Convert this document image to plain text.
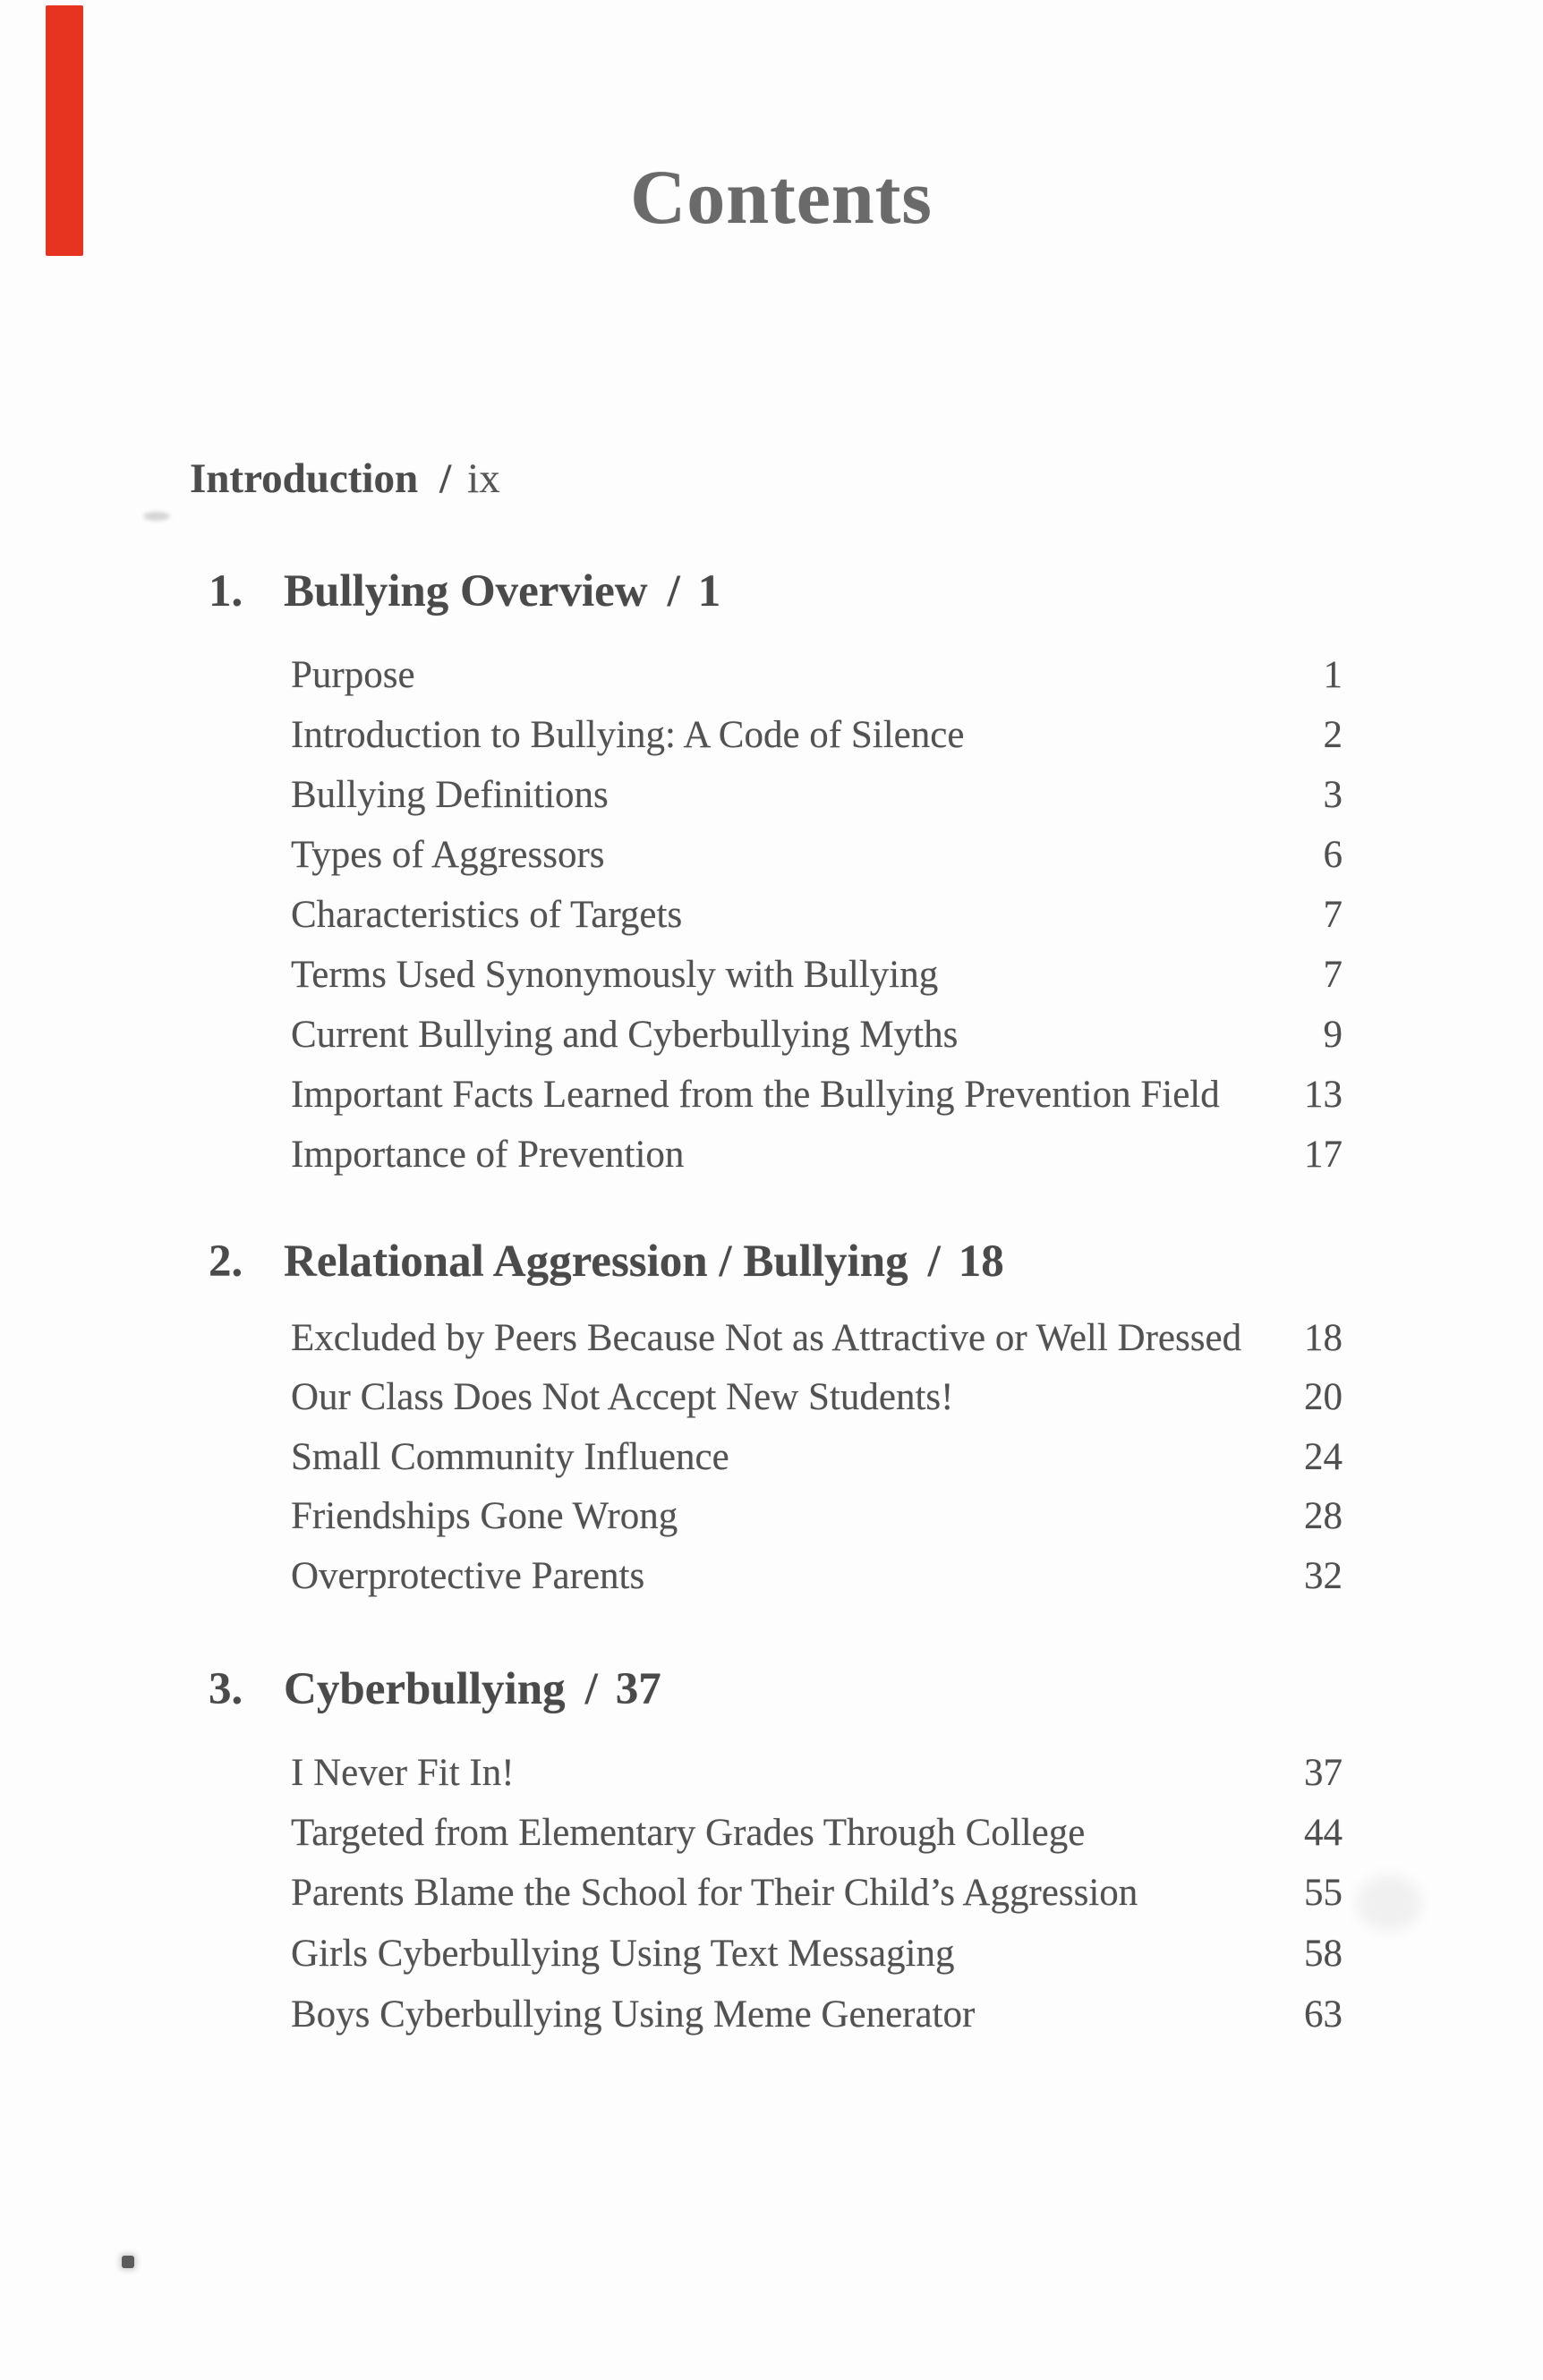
Contents
Introduction / ix
1. Bullying Overview / 1
Purpose	1
Introduction to Bullying: A Code of Silence	2
Bullying Definitions	3
Types of Aggressors	6
Characteristics of Targets	7
Terms Used Synonymously with Bullying	7
Current Bullying and Cyberbullying Myths	9
Important Facts Learned from the Bullying Prevention Field 13
Importance of Prevention	17
2. Relational Aggression / Bullying / 18
Excluded by Peers Because Not as Attractive or Well Dressed 18
Our Class Does Not Accept New Students!	20
Small Community Influence	24
Friendships Gone Wrong	28
Overprotective Parents	32
3. Cyberbullying / 37
I Never Fit In!	37
Targeted from Elementary Grades Through College	44
Parents Blame the School for Their Child’s Aggression	55
Girls Cyberbullying Using Text Messaging	58
Boys Cyberbullying Using Meme Generator	63
